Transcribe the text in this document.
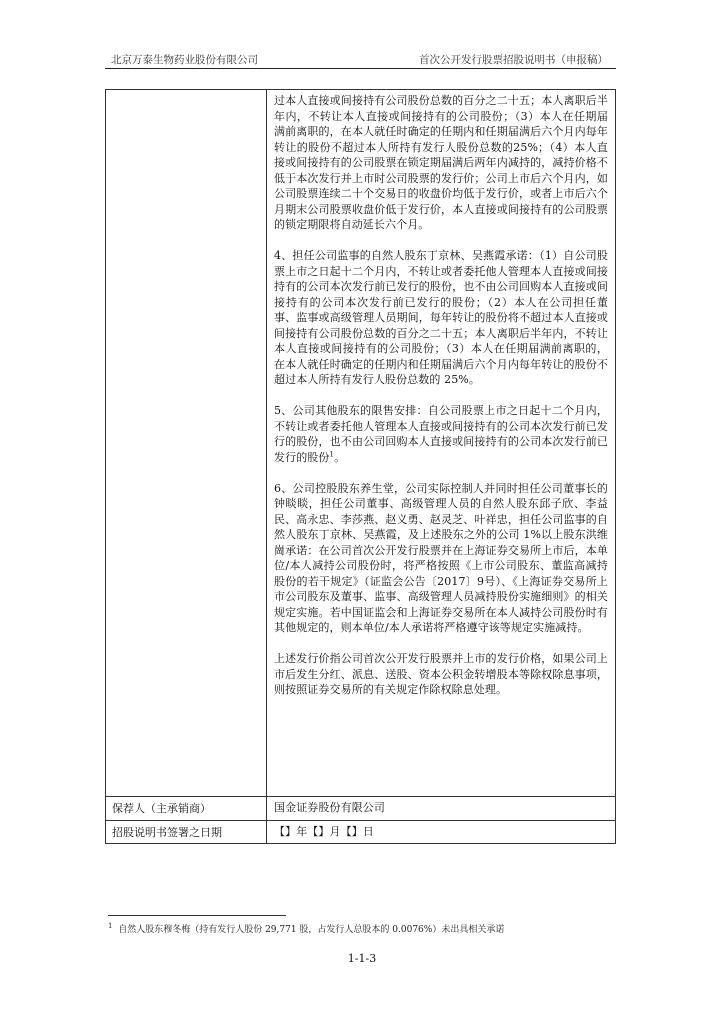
北京万泰生物药业股份有限公司	首次公开发行股票招股说明书（申报稿）

	过本人直接或间接持有公司股份总数的百分之二十五；本人离职后半年内，不转让本人直接或间接持有的公司股份；（3）本人在任期届满前离职的，在本人就任时确定的任期内和任期届满后六个月内每年转让的股份不超过本人所持有发行人股份总数的25%；（4）本人直接或间接持有的公司股票在锁定期届满后两年内减持的，减持价格不低于本次发行并上市时公司股票的发行价；公司上市后六个月内，如公司股票连续二十个交易日的收盘价均低于发行价，或者上市后六个月期末公司股票收盘价低于发行价，本人直接或间接持有的公司股票的锁定期限将自动延长六个月。

4、担任公司监事的自然人股东丁京林、吴燕霞承诺：（1）自公司股票上市之日起十二个月内，不转让或者委托他人管理本人直接或间接持有的公司本次发行前已发行的股份，也不由公司回购本人直接或间接持有的公司本次发行前已发行的股份；（2）本人在公司担任董事、监事或高级管理人员期间，每年转让的股份将不超过本人直接或间接持有公司股份总数的百分之二十五；本人离职后半年内，不转让本人直接或间接持有的公司股份；（3）本人在任期届满前离职的，在本人就任时确定的任期内和任期届满后六个月内每年转让的股份不超过本人所持有发行人股份总数的 25%。

5、公司其他股东的限售安排：自公司股票上市之日起十二个月内，不转让或者委托他人管理本人直接或间接持有的公司本次发行前已发行的股份，也不由公司回购本人直接或间接持有的公司本次发行前已发行的股份$^1$。

6、公司控股股东养生堂，公司实际控制人并同时担任公司董事长的钟睒睒，担任公司董事、高级管理人员的自然人股东邱子欣、李益民、高永忠、李莎燕、赵义勇、赵灵芝、叶祥忠，担任公司监事的自然人股东丁京林、吴燕霞，及上述股东之外的公司 1%以上股东洪维崗承诺：在公司首次公开发行股票并在上海证券交易所上市后，本单位/本人减持公司股份时，将严格按照《上市公司股东、董监高减持股份的若干规定》（证监会公告〔2017〕9号）、《上海证券交易所上市公司股东及董事、监事、高级管理人员减持股份实施细则》的相关规定实施。若中国证监会和上海证券交易所在本人减持公司股份时有其他规定的，则本单位/本人承诺将严格遵守该等规定实施减持。

上述发行价指公司首次公开发行股票并上市的发行价格，如果公司上市后发生分红、派息、送股、资本公积金转增股本等除权除息事项，则按照证券交易所的有关规定作除权除息处理。

保荐人（主承销商）	国金证券股份有限公司
招股说明书签署之日期	【】年【】月【】日
$^1$ 自然人股东穆冬梅（持有发行人股份 29,771 股，占发行人总股本的 0.0076%）未出具相关承诺
1-1-3
